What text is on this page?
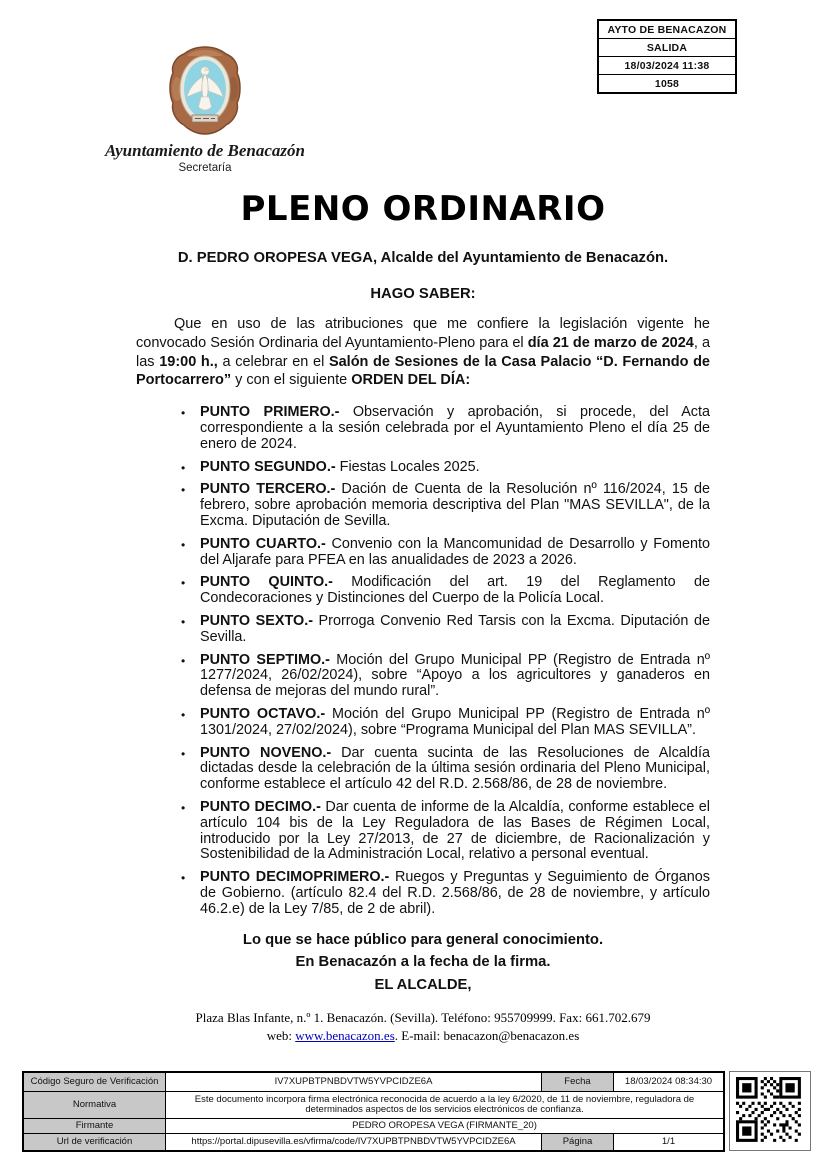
AYTO DE BENACAZON
SALIDA
18/03/2024 11:38
1058
Ayuntamiento de Benacazón
Secretaría
PLENO ORDINARIO
D. PEDRO OROPESA VEGA, Alcalde del Ayuntamiento de Benacazón.
HAGO SABER:

Que en uso de las atribuciones que me confiere la legislación vigente he convocado Sesión Ordinaria del Ayuntamiento-Pleno para el día 21 de marzo de 2024, a las 19:00 h., a celebrar en el Salón de Sesiones de la Casa Palacio “D. Fernando de Portocarrero” y con el siguiente ORDEN DEL DÍA:

• PUNTO PRIMERO.- Observación y aprobación, si procede, del Acta correspondiente a la sesión celebrada por el Ayuntamiento Pleno el día 25 de enero de 2024.
• PUNTO SEGUNDO.- Fiestas Locales 2025.
• PUNTO TERCERO.- Dación de Cuenta de la Resolución nº 116/2024, 15 de febrero, sobre aprobación memoria descriptiva del Plan "MAS SEVILLA", de la Excma. Diputación de Sevilla.
• PUNTO CUARTO.- Convenio con la Mancomunidad de Desarrollo y Fomento del Aljarafe para PFEA en las anualidades de 2023 a 2026.
• PUNTO QUINTO.- Modificación del art. 19 del Reglamento de Condecoraciones y Distinciones del Cuerpo de la Policía Local.
• PUNTO SEXTO.- Prorroga Convenio Red Tarsis con la Excma. Diputación de Sevilla.
• PUNTO SEPTIMO.- Moción del Grupo Municipal PP (Registro de Entrada nº 1277/2024, 26/02/2024), sobre “Apoyo a los agricultores y ganaderos en defensa de mejoras del mundo rural”.
• PUNTO OCTAVO.- Moción del Grupo Municipal PP (Registro de Entrada nº 1301/2024, 27/02/2024), sobre “Programa Municipal del Plan MAS SEVILLA”.
• PUNTO NOVENO.- Dar cuenta sucinta de las Resoluciones de Alcaldía dictadas desde la celebración de la última sesión ordinaria del Pleno Municipal, conforme establece el artículo 42 del R.D. 2.568/86, de 28 de noviembre.
• PUNTO DECIMO.- Dar cuenta de informe de la Alcaldía, conforme establece el artículo 104 bis de la Ley Reguladora de las Bases de Régimen Local, introducido por la Ley 27/2013, de 27 de diciembre, de Racionalización y Sostenibilidad de la Administración Local, relativo a personal eventual.
• PUNTO DECIMOPRIMERO.- Ruegos y Preguntas y Seguimiento de Órganos de Gobierno. (artículo 82.4 del R.D. 2.568/86, de 28 de noviembre, y artículo 46.2.e) de la Ley 7/85, de 2 de abril).
Lo que se hace público para general conocimiento.
En Benacazón a la fecha de la firma.
EL ALCALDE,
Plaza Blas Infante, n.º 1. Benacazón. (Sevilla). Teléfono: 955709999. Fax: 661.702.679
web: www.benacazon.es. E-mail: benacazon@benacazon.es
Código Seguro de Verificación	IV7XUPBTPNBDVTW5YVPCIDZE6A	Fecha	18/03/2024 08:34:30
Normativa	Este documento incorpora firma electrónica reconocida de acuerdo a la ley 6/2020, de 11 de noviembre, reguladora de determinados aspectos de los servicios electrónicos de confianza.
Firmante	PEDRO OROPESA VEGA (FIRMANTE_20)
Url de verificación	https://portal.dipusevilla.es/vfirma/code/IV7XUPBTPNBDVTW5YVPCIDZE6A	Página	1/1
